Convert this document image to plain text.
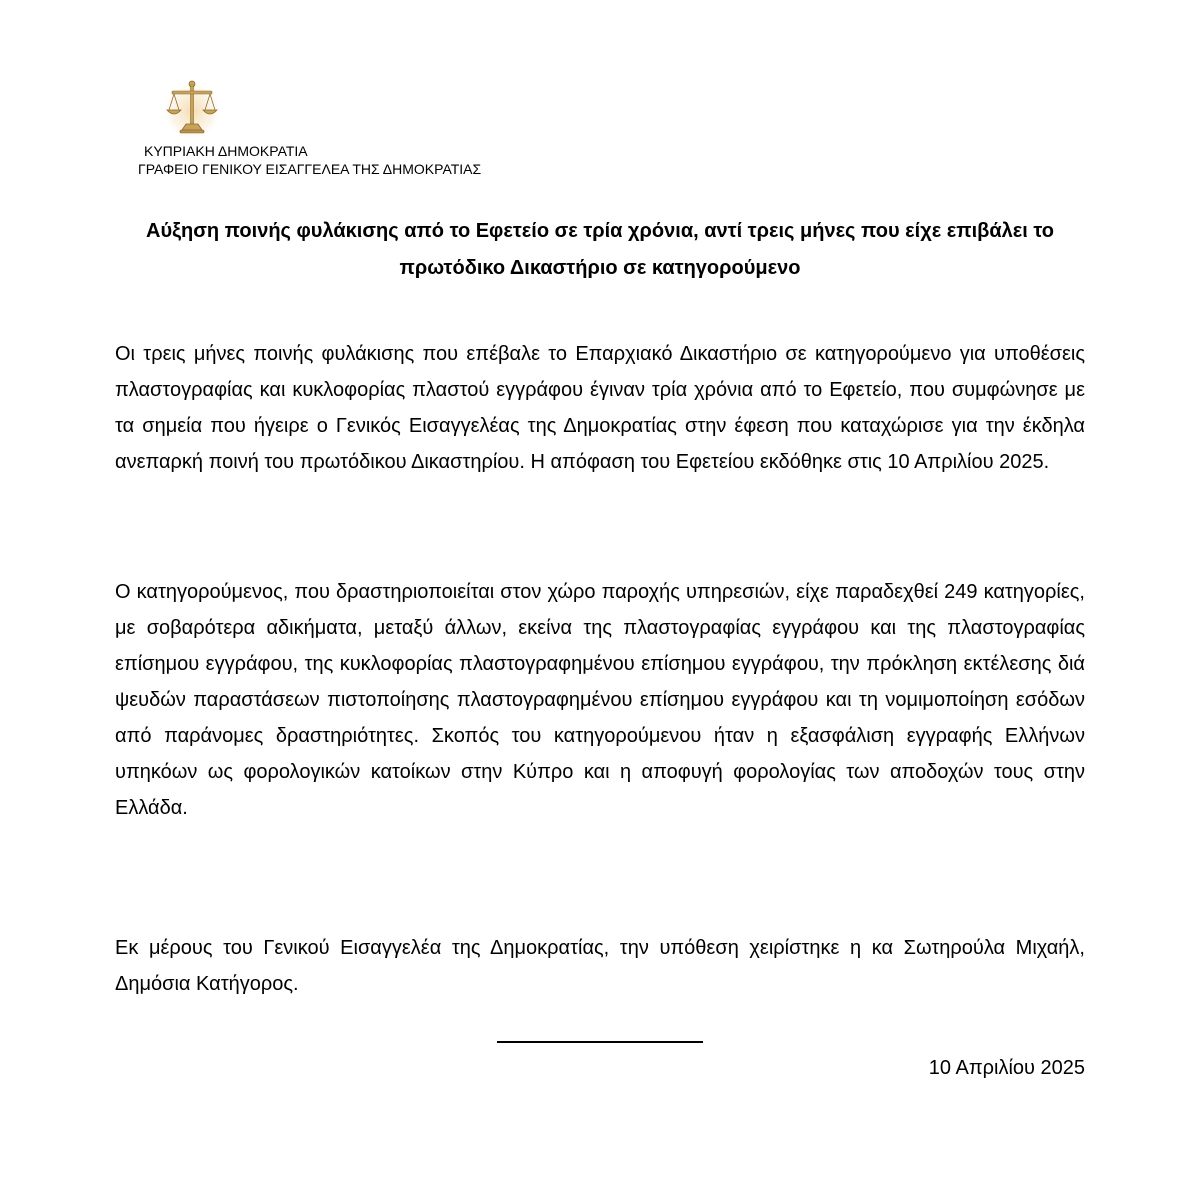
ΚΥΠΡΙΑΚΗ ΔΗΜΟΚΡΑΤΙΑ
ΓΡΑΦΕΙΟ ΓΕΝΙΚΟΥ ΕΙΣΑΓΓΕΛΕΑ ΤΗΣ ΔΗΜΟΚΡΑΤΙΑΣ

Αύξηση ποινής φυλάκισης από το Εφετείο σε τρία χρόνια, αντί τρεις μήνες που είχε επιβάλει το πρωτόδικο Δικαστήριο σε κατηγορούμενο

Οι τρεις μήνες ποινής φυλάκισης που επέβαλε το Επαρχιακό Δικαστήριο σε κατηγορούμενο για υποθέσεις πλαστογραφίας και κυκλοφορίας πλαστού εγγράφου έγιναν τρία χρόνια από το Εφετείο, που συμφώνησε με τα σημεία που ήγειρε ο Γενικός Εισαγγελέας της Δημοκρατίας στην έφεση που καταχώρισε για την έκδηλα ανεπαρκή ποινή του πρωτόδικου Δικαστηρίου. Η απόφαση του Εφετείου εκδόθηκε στις 10 Απριλίου 2025.

Ο κατηγορούμενος, που δραστηριοποιείται στον χώρο παροχής υπηρεσιών, είχε παραδεχθεί 249 κατηγορίες, με σοβαρότερα αδικήματα, μεταξύ άλλων, εκείνα της πλαστογραφίας εγγράφου και της πλαστογραφίας επίσημου εγγράφου, της κυκλοφορίας πλαστογραφημένου επίσημου εγγράφου, την πρόκληση εκτέλεσης διά ψευδών παραστάσεων πιστοποίησης πλαστογραφημένου επίσημου εγγράφου και τη νομιμοποίηση εσόδων από παράνομες δραστηριότητες. Σκοπός του κατηγορούμενου ήταν η εξασφάλιση εγγραφής Ελλήνων υπηκόων ως φορολογικών κατοίκων στην Κύπρο και η αποφυγή φορολογίας των αποδοχών τους στην Ελλάδα.

Εκ μέρους του Γενικού Εισαγγελέα της Δημοκρατίας, την υπόθεση χειρίστηκε η κα Σωτηρούλα Μιχαήλ, Δημόσια Κατήγορος.

10 Απριλίου 2025
